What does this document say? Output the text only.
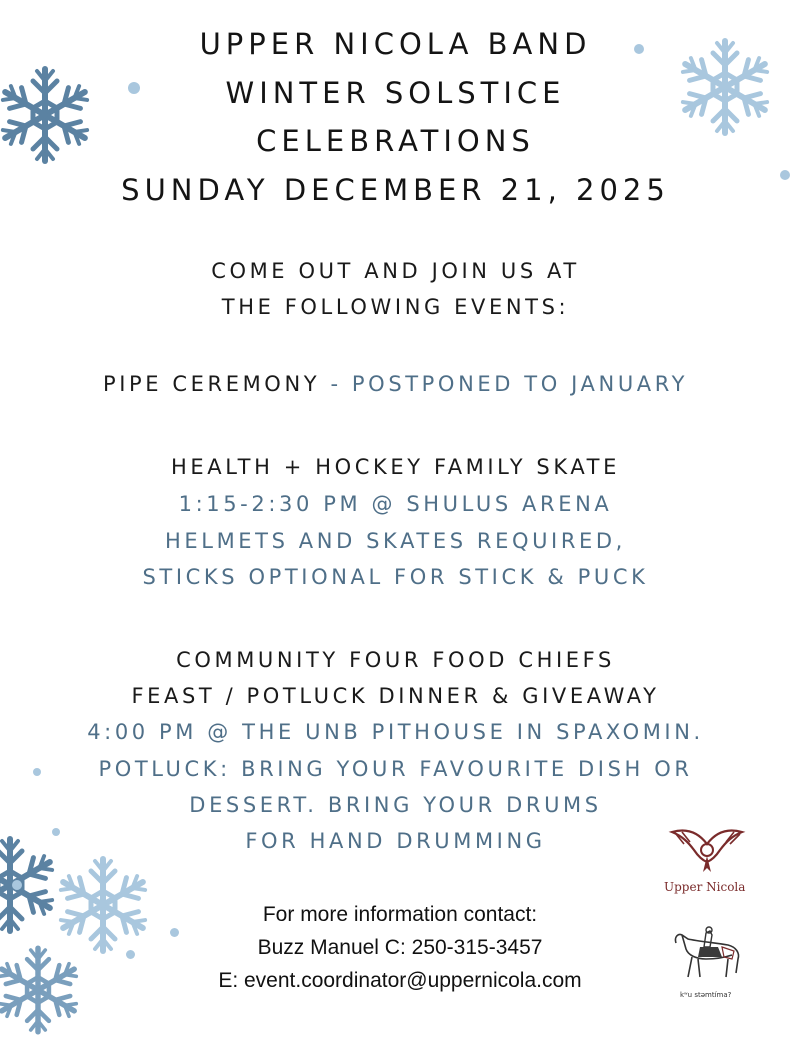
UPPER NICOLA BAND

WINTER SOLSTICE

CELEBRATIONS

SUNDAY DECEMBER 21, 2025

COME OUT AND JOIN US AT

THE FOLLOWING EVENTS:

PIPE CEREMONY - POSTPONED TO JANUARY

HEALTH + HOCKEY FAMILY SKATE

1:15-2:30 PM @ SHULUS ARENA

HELMETS AND SKATES REQUIRED,

STICKS OPTIONAL FOR STICK & PUCK

COMMUNITY FOUR FOOD CHIEFS

FEAST / POTLUCK DINNER & GIVEAWAY

4:00 PM @ THE UNB PITHOUSE IN SPAXOMIN.

POTLUCK: BRING YOUR FAVOURITE DISH OR

DESSERT. BRING YOUR DRUMS

FOR HAND DRUMMING

For more information contact:

Buzz Manuel C: 250-315-3457

E: event.coordinator@uppernicola.com

Upper Nicola
kʷu stəmtíma?
